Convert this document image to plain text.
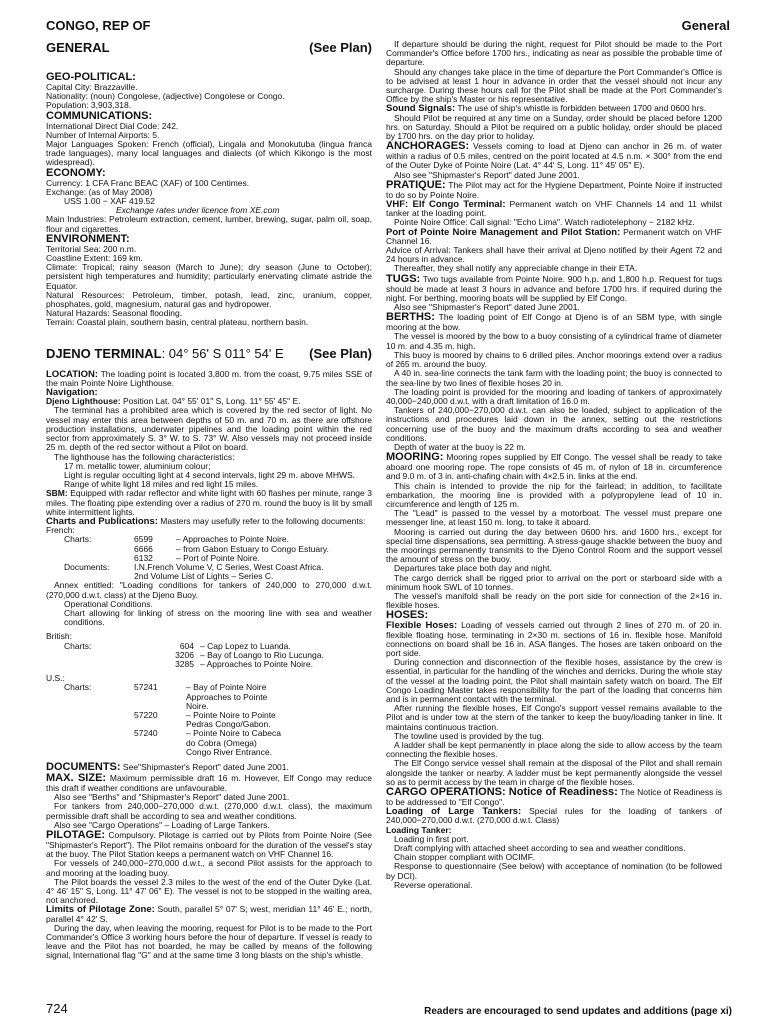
CONGO, REP OF	General
GENERAL	(See Plan)
GEO-POLITICAL:

Capital City: Brazzaville.

Nationality: (noun) Congolese, (adjective) Congolese or Congo.

Population: 3,903,318.

COMMUNICATIONS:

International Direct Dial Code: 242.

Number of Internal Airports: 5.

Major Languages Spoken: French (official), Lingala and Monokutuba (lingua franca trade languages), many local languages and dialects (of which Kikongo is the most widespread).

ECONOMY:

Currency: 1 CFA Franc BEAC (XAF) of 100 Centimes.

Exchange: (as of May 2008)

USS 1.00 − XAF 419.52

Exchange rates under licence from XE.com

Main Industries: Petroleum extraction, cement, lumber, brewing, sugar, palm oil, soap, flour and cigarettes.

ENVIRONMENT:

Territorial Sea: 200 n.m.

Coastline Extent: 169 km.

Climate: Tropical; rainy season (March to June); dry season (June to October); persistent high temperatures and humidity; particularly enervating climate astride the Equator.

Natural Resources: Petroleum, timber, potash, lead, zinc, uranium, copper, phosphates, gold, magnesium, natural gas and hydropower.

Natural Hazards: Seasonal flooding.

Terrain: Coastal plain, southern basin, central plateau, northern basin.

DJENO TERMINAL: 04° 56' S 011° 54' E (See Plan)

LOCATION: The loading point is located 3,800 m. from the coast, 9.75 miles SSE of the main Pointe Noire Lighthouse.

Navigation:

Djeno Lighthouse: Position Lat. 04° 55' 01" S, Long. 11° 55' 45" E.

The terminal has a prohibited area which is covered by the red sector of light. No vessel may enter this area between depths of 50 m. and 70 m. as there are offshore production installations, underwater pipelines and the loading point within the red sector from approximately S. 3° W. to S. 73° W. Also vessels may not proceed inside 25 m. depth of the red sector without a Pilot on board.

The lighthouse has the following characteristics:

17 m. metallic tower, aluminium colour;

Light is regular occulting light at 4 second intervals, light 29 m. above MHWS.

Range of white light 18 miles and red light 15 miles.

SBM: Equipped with radar reflector and white light with 60 flashes per minute, range 3 miles. The floating pipe extending over a radius of 270 m. round the buoy is lit by small white intermittent lights.

Charts and Publications: Masters may usefully refer to the following documents:

French:

Charts:	6599	– Approaches to Pointe Noire.
6666	– from Gabon Estuary to Congo Estuary.
6132	– Port of Pointe Noire.
Documents:	I.N.French Volume V, C Series, West Coast Africa.
2nd Volume List of Lights – Series C.

Annex entitled: "Loading conditions for tankers of 240,000 to 270,000 d.w.t. (270,000 d.w.t. class) at the Djeno Buoy.

Operational Conditions.

Chart allowing for linking of stress on the mooring line with sea and weather conditions.

British:

Charts:	604 – Cap Lopez to Luanda.
3206 – Bay of Loango to Rio Lucunga.
3285 – Approaches to Pointe Noire.

U.S.:

Charts:	57241	– Bay of Pointe Noire Approaches to Pointe Noire.
57220	– Pointe Noire to Pointe Pedras Congo/Gabon.
57240	– Pointe Noire to Cabeca do Cobra (Omega) Congo River Entrance.

DOCUMENTS: See"Shipmaster's Report" dated June 2001.

MAX. SIZE: Maximum permissible draft 16 m. However, Elf Congo may reduce this draft if weather conditions are unfavourable.

Also see "Berths" and "Shipmaster's Report" dated June 2001.

For tankers from 240,000−270,000 d.w.t. (270,000 d.w.t. class), the maximum permissible draft shall be according to sea and weather conditions.

Also see "Cargo Operations" – Loading of Large Tankers.

PILOTAGE: Compulsory. Pilotage is carried out by Pilots from Pointe Noire (See "Shipmaster's Report"). The Pilot remains onboard for the duration of the vessel's stay at the buoy. The Pilot Station keeps a permanent watch on VHF Channel 16.

For vessels of 240,000−270,000 d.w.t., a second Pilot assists for the approach to and mooring at the loading buoy.

The Pilot boards the vessel 2.3 miles to the west of the end of the Outer Dyke (Lat. 4° 46' 15" S, Long. 11° 47' 06" E). The vessel is not to be stopped in the waiting area, not anchored.

Limits of Pilotage Zone: South, parallel 5° 07' S; west, meridian 11° 46' E.; north, parallel 4° 42' S.

During the day, when leaving the mooring, request for Pilot is to be made to the Port Commander's Office 3 working hours before the hour of departure. If vessel is ready to leave and the Pilot has not boarded, he may be called by means of the following signal, International flag "G" and at the same time 3 long blasts on the ship's whistle.

If departure should be during the night, request for Pilot should be made to the Port Commander's Office before 1700 hrs., indicating as near as possible the probable time of departure.

Should any changes take place in the time of departure the Port Commander's Office is to be advised at least 1 hour in advance in order that the vessel should not incur any surcharge. During these hours call for the Pilot shall be made at the Port Commander's Office by the ship's Master or his representative.

Sound Signals: The use of ship's whistle is forbidden between 1700 and 0600 hrs.

Should Pilot be required at any time on a Sunday, order should be placed before 1200 hrs. on Saturday. Should a Pilot be required on a public holiday, order should be placed by 1700 hrs. on the day prior to holiday.

ANCHORAGES: Vessels coming to load at Djeno can anchor in 26 m. of water within a radius of 0.5 miles, centred on the point located at 4.5 n.m. × 300° from the end of the Outer Dyke of Pointe Noire (Lat. 4° 44' S, Long. 11° 45' 05" E).

Also see "Shipmaster's Report" dated June 2001.

PRATIQUE: The Pilot may act for the Hygiene Department, Pointe Noire if instructed to do so by Pointe Noire.

VHF: Elf Congo Terminal: Permanent watch on VHF Channels 14 and 11 whilst tanker at the loading point.

Pointe Noire Office: Call signal: "Echo Lima". Watch radiotelephony − 2182 kHz.

Port of Pointe Noire Management and Pilot Station: Permanent watch on VHF Channel 16.

Advice of Arrival: Tankers shall have their arrival at Djeno notified by their Agent 72 and 24 hours in advance.

Thereafter, they shall notify any appreciable change in their ETA.

TUGS: Two tugs available from Pointe Noire. 900 h.p. and 1,800 h.p. Request for tugs should be made at least 3 hours in advance and before 1700 hrs. if required during the night. For berthing, mooring boats will be supplied by Elf Congo.

Also see "Shipmaster's Report" dated June 2001.

BERTHS: The loading point of Elf Congo at Djeno is of an SBM type, with single mooring at the bow.

The vessel is moored by the bow to a buoy consisting of a cylindrical frame of diameter 10 m. and 4.35 m. high.

This buoy is moored by chains to 6 drilled piles. Anchor moorings extend over a radius of 265 m. around the buoy.

A 40 in. sea-line connects the tank farm with the loading point; the buoy is connected to the sea-line by two lines of flexible hoses 20 in.

The loading point is provided for the mooring and loading of tankers of approximately 40,000−240,000 d.w.t. with a draft limitation of 16.0 m.

Tankers of 240,000−270,000 d.w.t. can also be loaded, subject to application of the instructions and procedures laid down in the annex, setting out the restrictions concerning use of the buoy and the maximum drafts according to sea and weather conditions.

Depth of water at the buoy is 22 m.

MOORING: Mooring ropes supplied by Elf Congo. The vessel shall be ready to take aboard one mooring rope. The rope consists of 45 m. of nylon of 18 in. circumference and 9.0 m. of 3 in. anti-chafing chain with 4×2.5 in. links at the end.

This chain is intended to provide the nip for the fairlead; in addition, to facilitate embarkation, the mooring line is provided with a polypropylene lead of 10 in. circumference and length of 125 m.

The "Lead" is passed to the vessel by a motorboat. The vessel must prepare one messenger line, at least 150 m. long, to take it aboard.

Mooring is carried out during the day between 0600 hrs. and 1600 hrs., except for special time dispensations, sea permitting. A stress-gauge shackle between the buoy and the moorings permanently transmits to the Djeno Control Room and the support vessel the amount of stress on the buoy.

Departures take place both day and night.

The cargo derrick shall be rigged prior to arrival on the port or starboard side with a minimum hook SWL of 10 tonnes.

The vessel's manifold shall be ready on the port side for connection of the 2×16 in. flexible hoses.

HOSES:

Flexible Hoses: Loading of vessels carried out through 2 lines of 270 m. of 20 in. flexible floating hose, terminating in 2×30 m. sections of 16 in. flexible hose. Manifold connections on board shall be 16 in. ASA flanges. The hoses are taken onboard on the port side.

During connection and disconnection of the flexible hoses, assistance by the crew is essential, in particular for the handling of the winches and derricks. During the whole stay of the vessel at the loading point, the Pilot shall maintain safety watch on board. The Elf Congo Loading Master takes responsibility for the part of the loading that concerns him and is in permanent contact with the terminal.

After running the flexible hoses, Elf Congo's support vessel remains available to the Pilot and is under tow at the stern of the tanker to keep the buoy/loading tanker in line. It maintains continuous traction.

The towline used is provided by the tug.

A ladder shall be kept permanently in place along the side to allow access by the team connecting the flexible hoses.

The Elf Congo service vessel shall remain at the disposal of the Pilot and shall remain alongside the tanker or nearby. A ladder must be kept permanently alongside the vessel so as to permit access by the team in charge of the flexible hoses.

CARGO OPERATIONS: Notice of Readiness: The Notice of Readiness is to be addressed to "Elf Congo".

Loading of Large Tankers: Special rules for the loading of tankers of 240,000−270,000 d.w.t. (270,000 d.w.t. Class)

Loading Tanker:

Loading in first port.

Draft complying with attached sheet according to sea and weather conditions.

Chain stopper compliant with OCIMF.

Response to questionnaire (See below) with acceptance of nomination (to be followed by DCI).

Reverse operational.

724	Readers are encouraged to send updates and additions (page xi)
